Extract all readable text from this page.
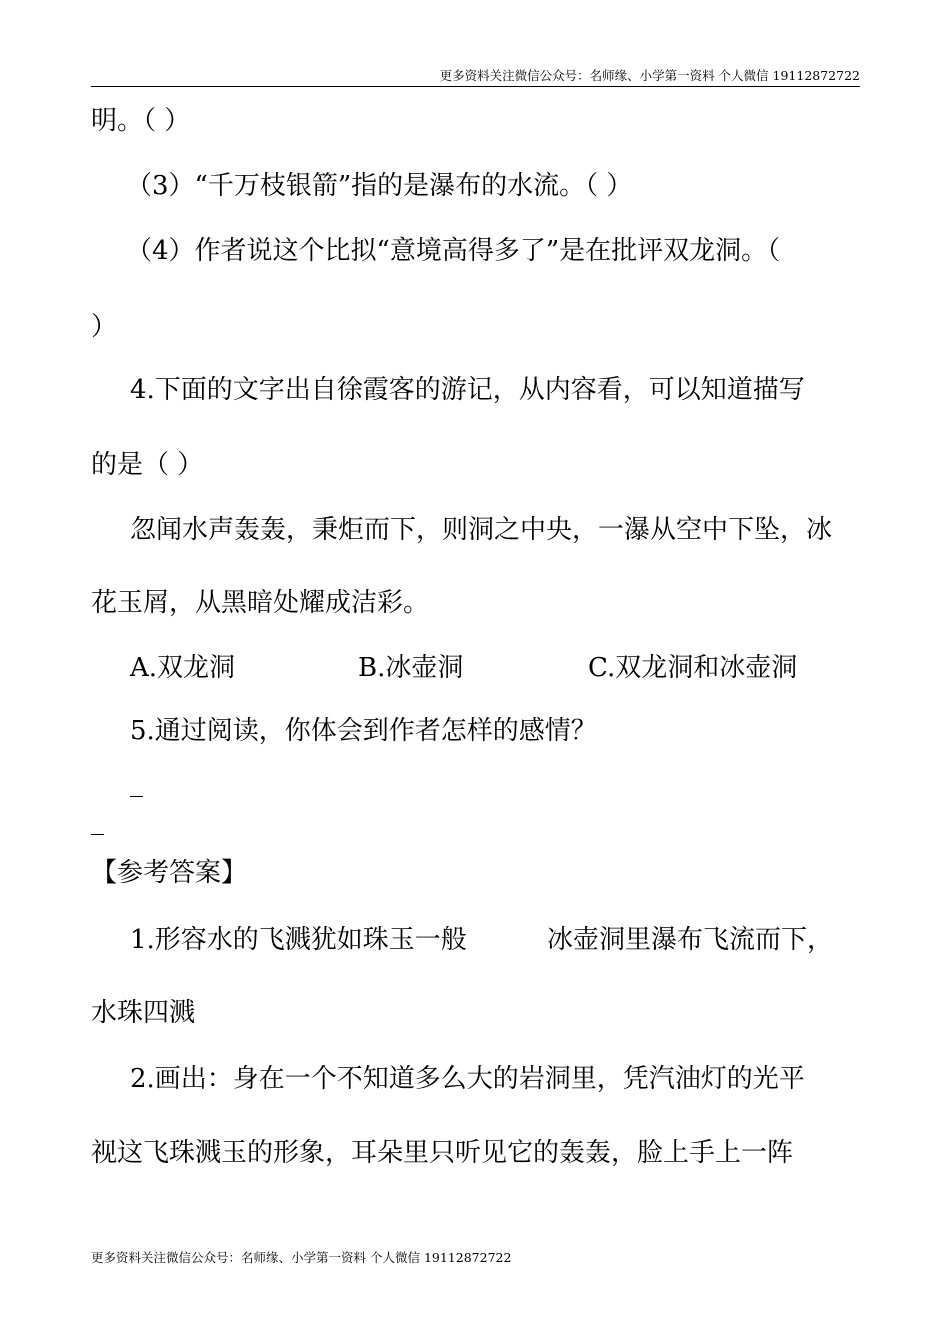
更多资料关注微信公众号：名师缘、小学第一资料 个人微信 19112872722
明。（ ）
（3）“千万枝银箭”指的是瀑布的水流。（ ）
（4）作者说这个比拟“意境高得多了”是在批评双龙洞。（
）
4.下面的文字出自徐霞客的游记，从内容看，可以知道描写
的是（ ）
忽闻水声轰轰，秉炬而下，则洞之中央，一瀑从空中下坠，冰
花玉屑，从黑暗处耀成洁彩。
A.双龙洞	B.冰壶洞	C.双龙洞和冰壶洞
5.通过阅读，你体会到作者怎样的感情？
_
_
【参考答案】
1.形容水的飞溅犹如珠玉一般	冰壶洞里瀑布飞流而下，
水珠四溅
2.画出：身在一个不知道多么大的岩洞里，凭汽油灯的光平
视这飞珠溅玉的形象，耳朵里只听见它的轰轰，脸上手上一阵
更多资料关注微信公众号：名师缘、小学第一资料 个人微信 19112872722
